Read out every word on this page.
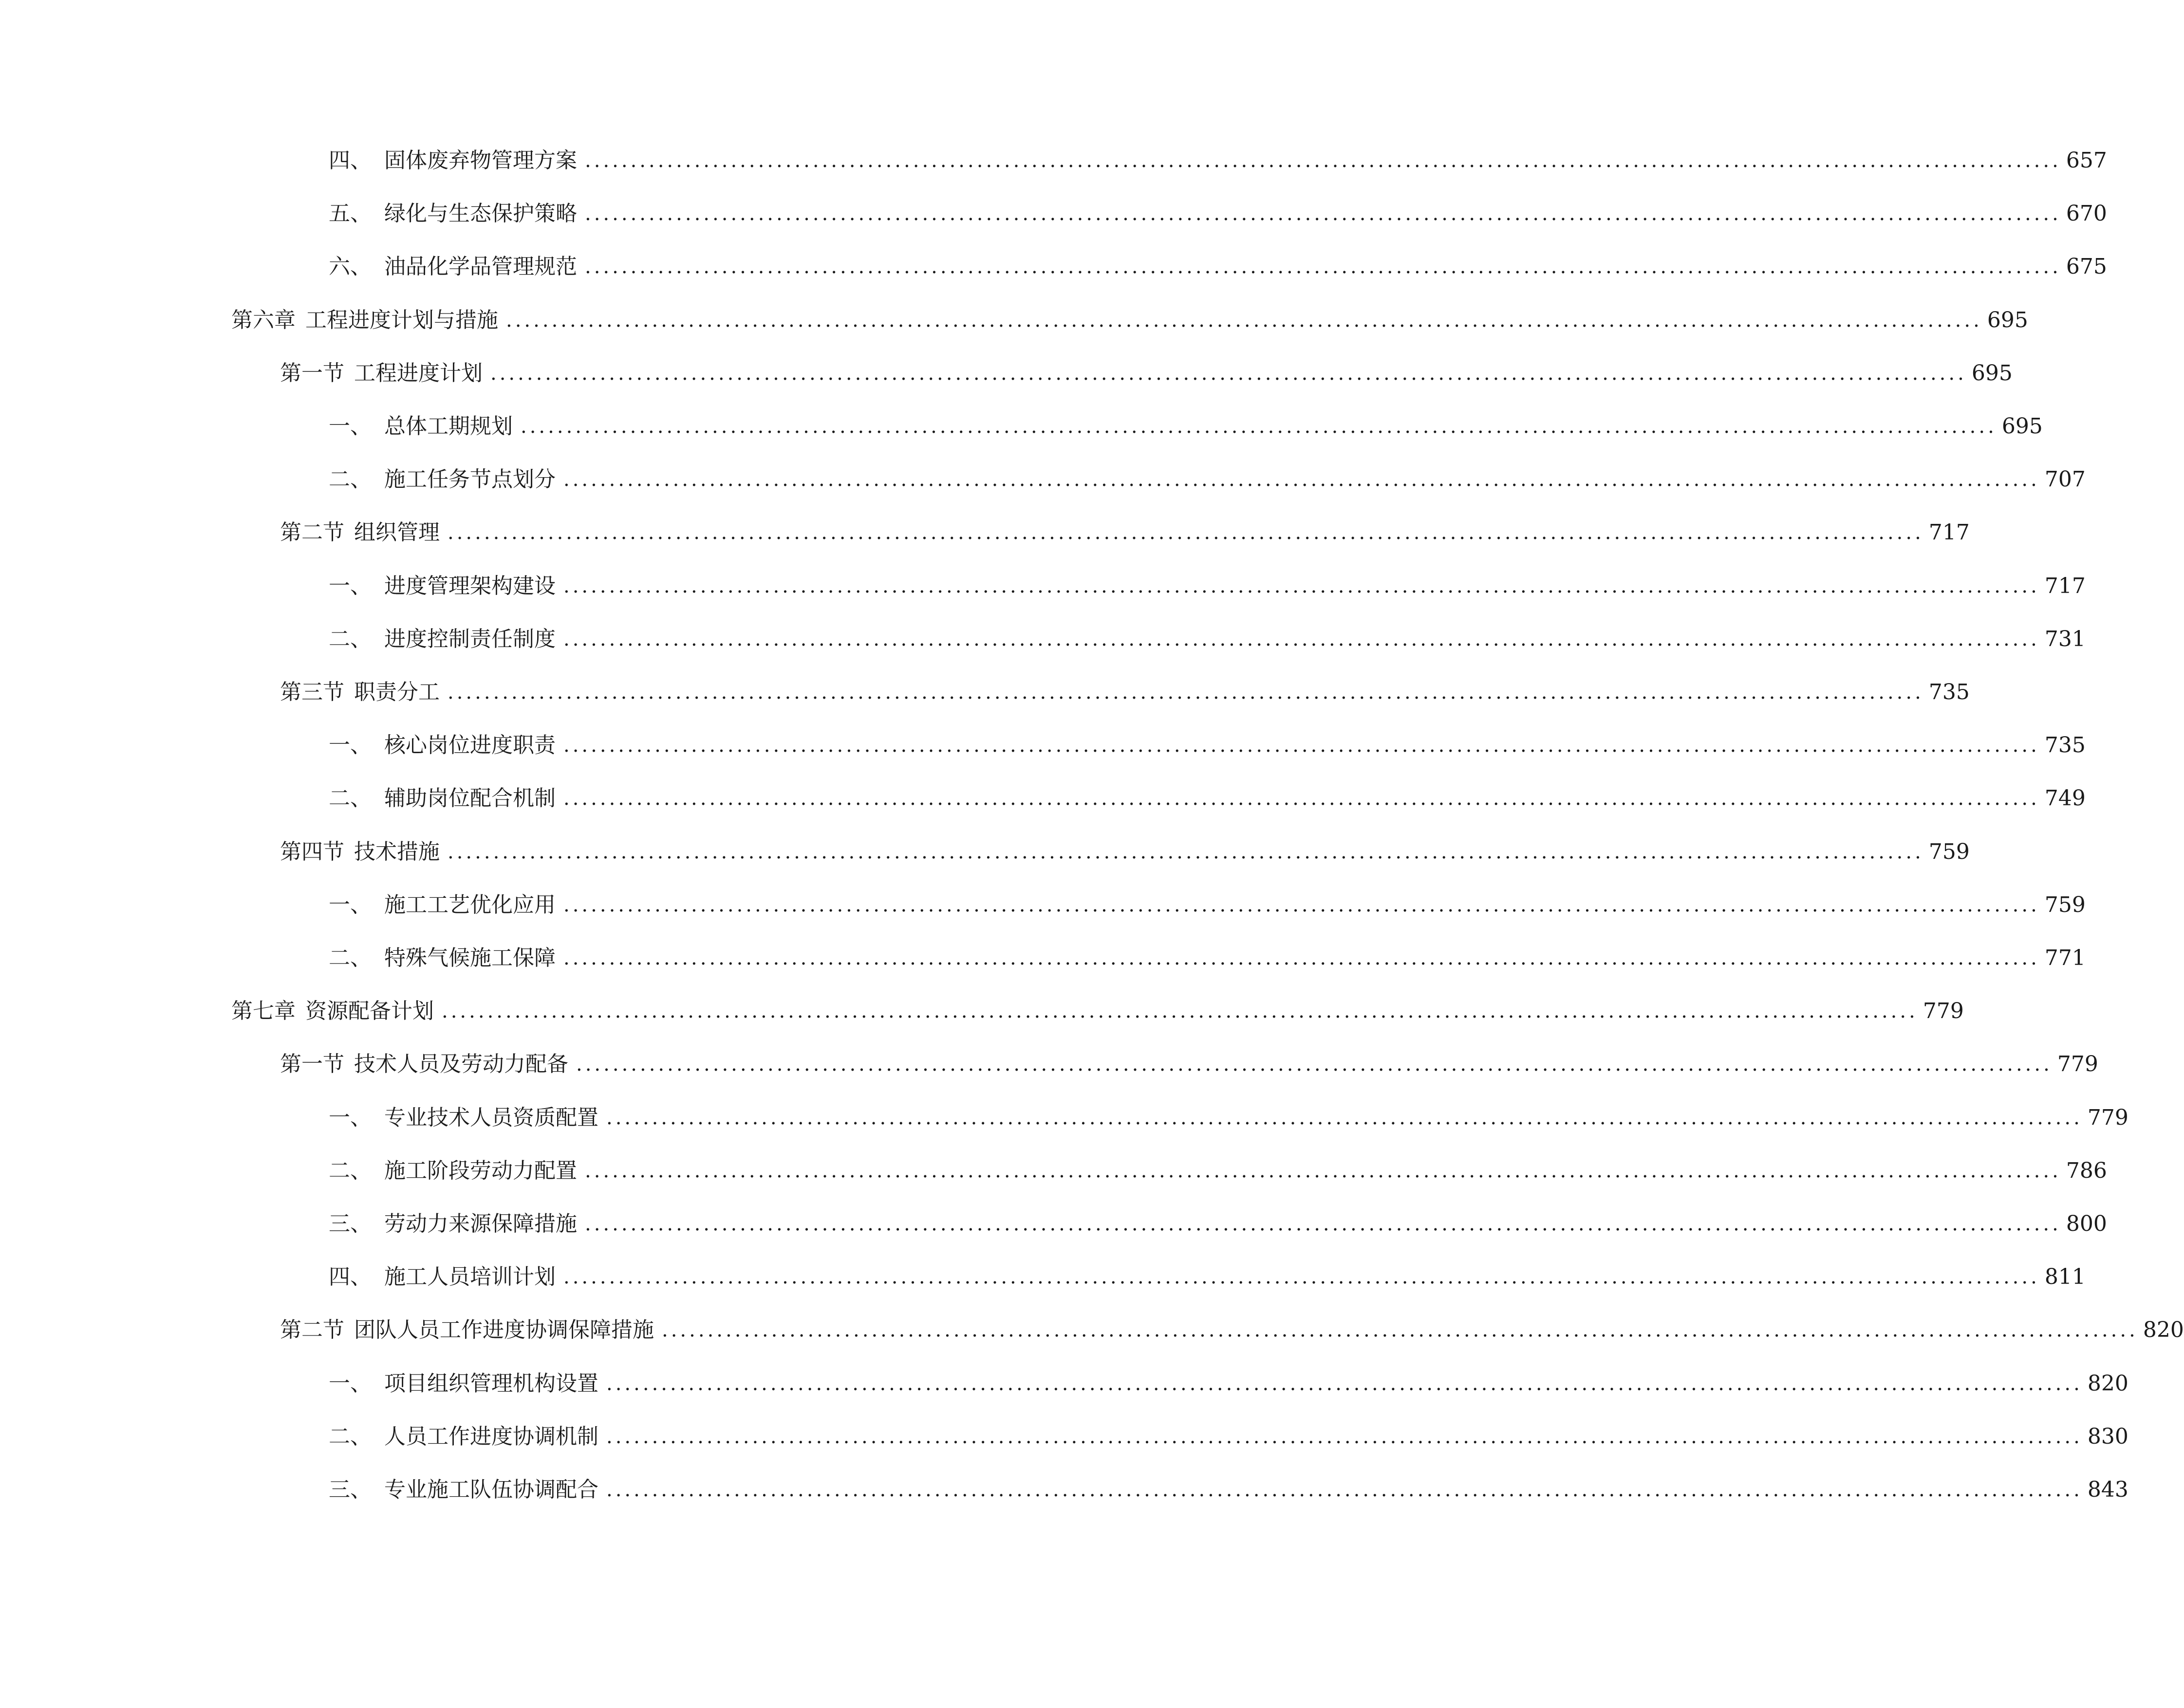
四、 固体废弃物管理方案 .................................................................................................................................................................. 657
五、 绿化与生态保护策略 .................................................................................................................................................................. 670
六、 油品化学品管理规范 .................................................................................................................................................................. 675
第六章 工程进度计划与措施 .................................................................................................................................................................. 695
第一节 工程进度计划 .................................................................................................................................................................. 695
一、 总体工期规划 .................................................................................................................................................................. 695
二、 施工任务节点划分 .................................................................................................................................................................. 707
第二节 组织管理 .................................................................................................................................................................. 717
一、 进度管理架构建设 .................................................................................................................................................................. 717
二、 进度控制责任制度 .................................................................................................................................................................. 731
第三节 职责分工 .................................................................................................................................................................. 735
一、 核心岗位进度职责 .................................................................................................................................................................. 735
二、 辅助岗位配合机制 .................................................................................................................................................................. 749
第四节 技术措施 .................................................................................................................................................................. 759
一、 施工工艺优化应用 .................................................................................................................................................................. 759
二、 特殊气候施工保障 .................................................................................................................................................................. 771
第七章 资源配备计划 .................................................................................................................................................................. 779
第一节 技术人员及劳动力配备 .................................................................................................................................................................. 779
一、 专业技术人员资质配置 .................................................................................................................................................................. 779
二、 施工阶段劳动力配置 .................................................................................................................................................................. 786
三、 劳动力来源保障措施 .................................................................................................................................................................. 800
四、 施工人员培训计划 .................................................................................................................................................................. 811
第二节 团队人员工作进度协调保障措施 .................................................................................................................................................................. 820
一、 项目组织管理机构设置 .................................................................................................................................................................. 820
二、 人员工作进度协调机制 .................................................................................................................................................................. 830
三、 专业施工队伍协调配合 .................................................................................................................................................................. 843
